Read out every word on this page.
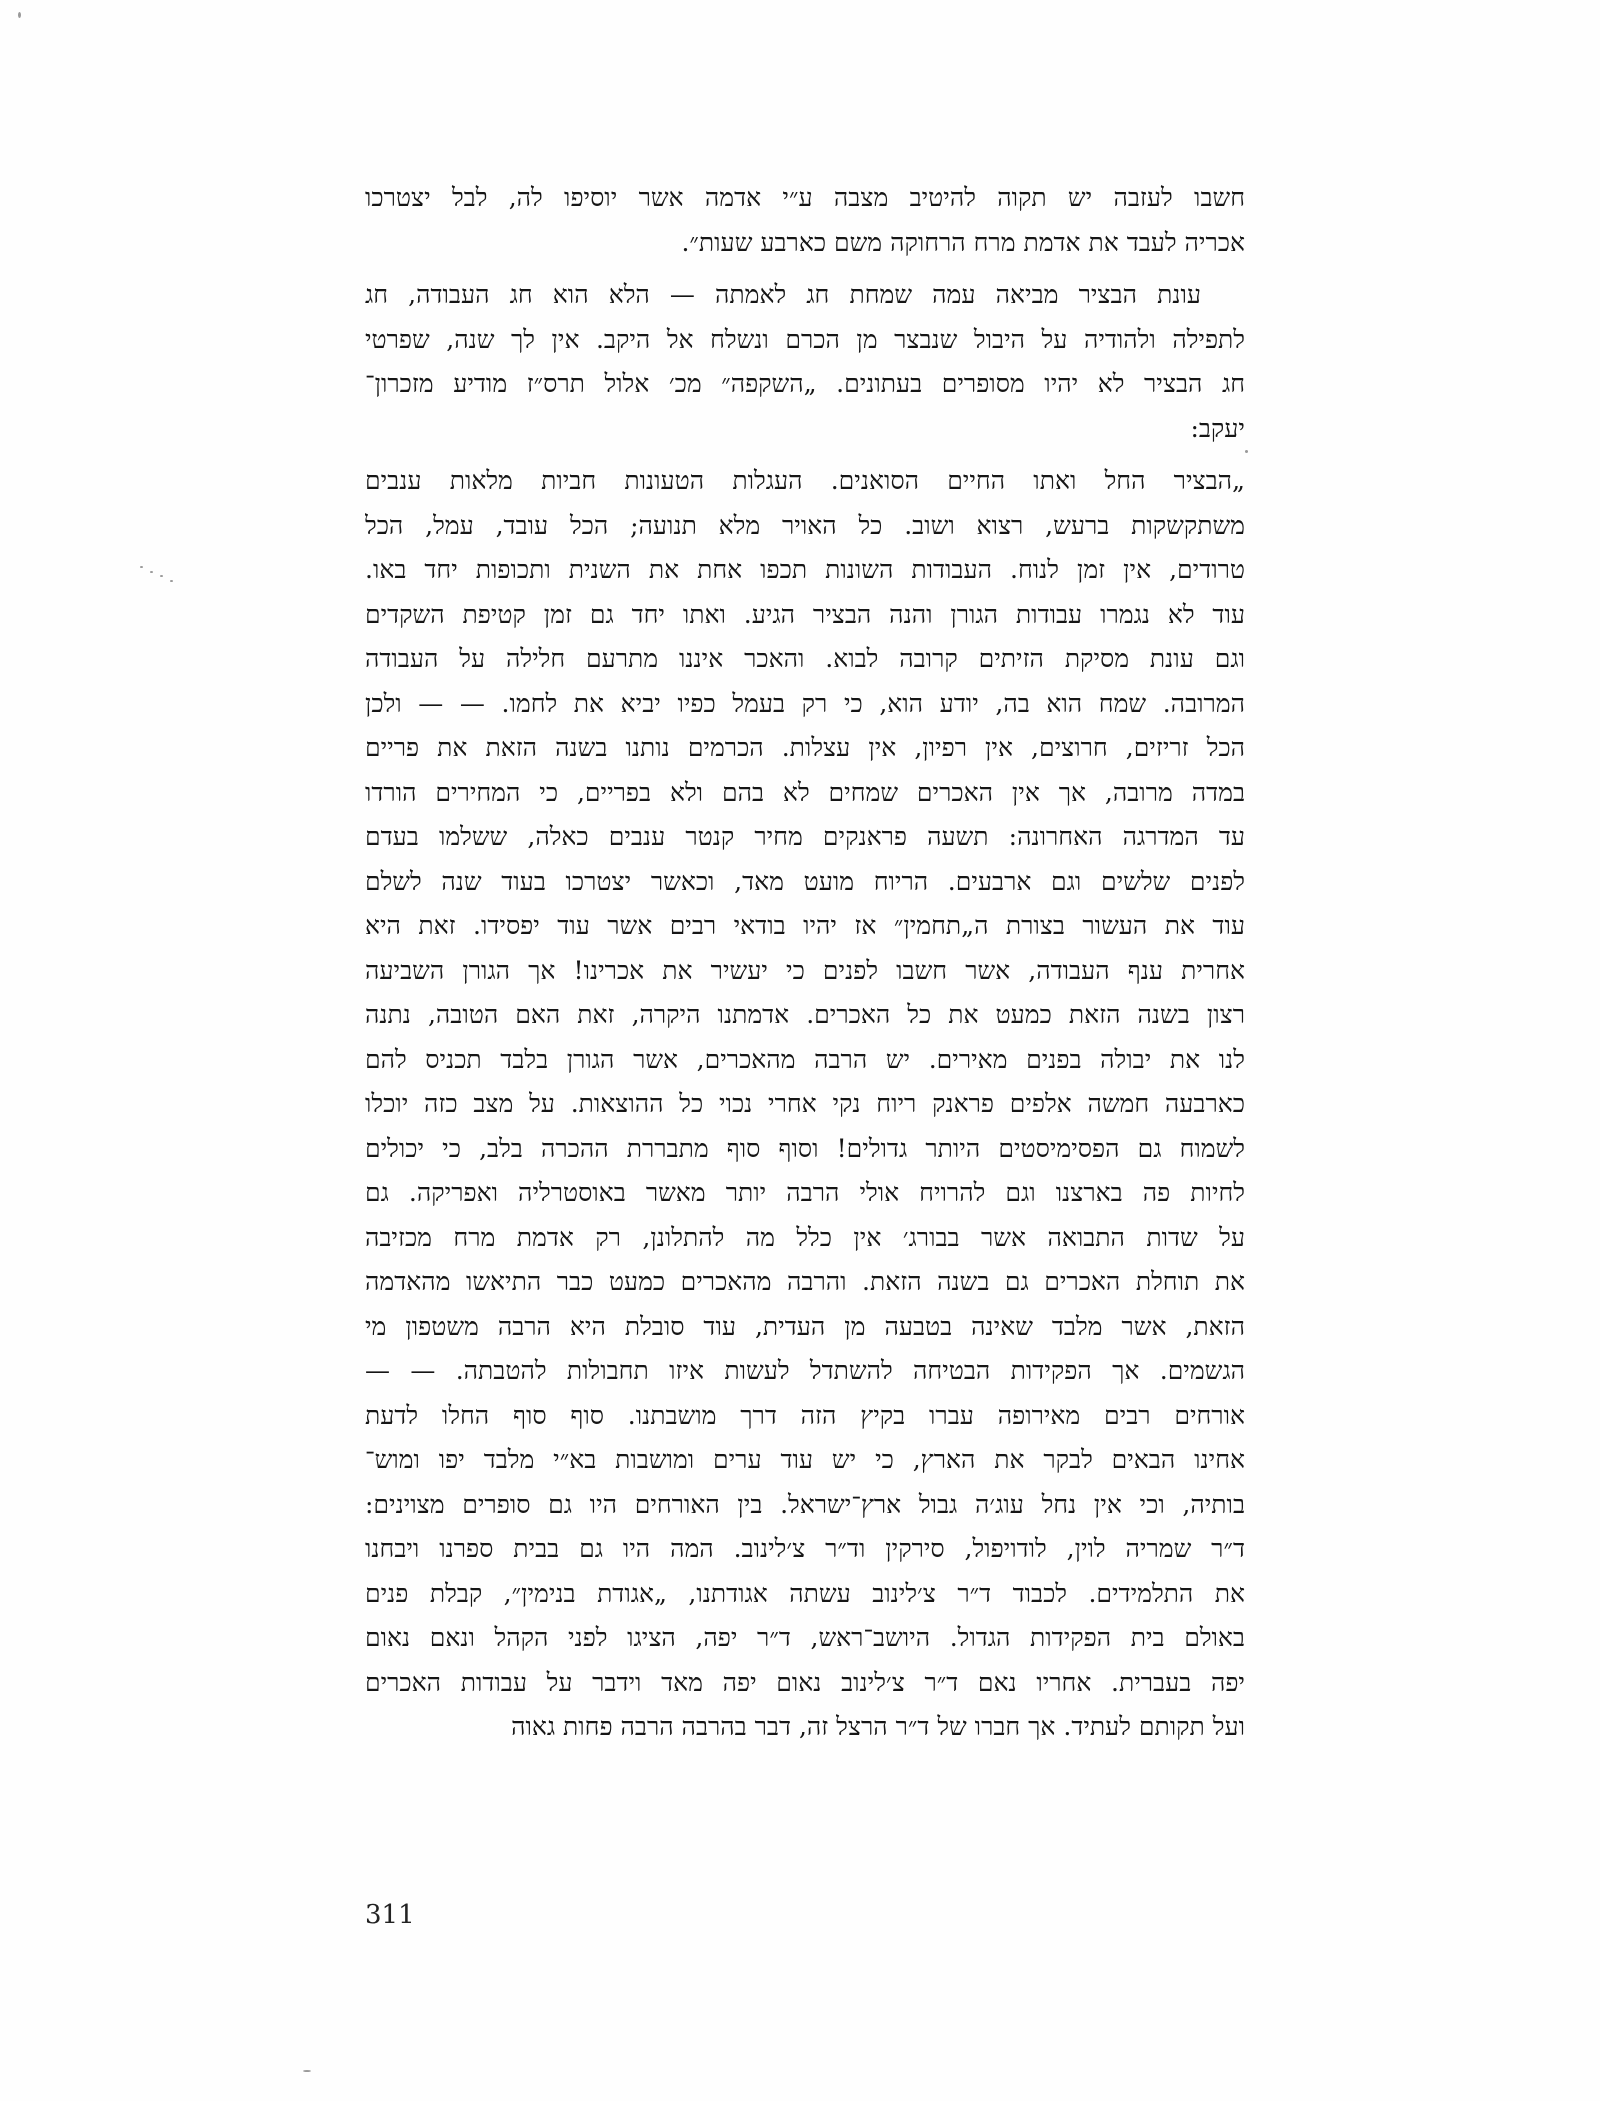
חשבו לעזבה יש תקוה להיטיב מצבה ע״י אדמה אשר יוסיפו לה, לבל יצטרכו
אכריה לעבד את אדמת מרח הרחוקה משם כארבע שעות״.
עונת הבציר מביאה עמה שמחת חג לאמתה — הלא הוא חג העבודה, חג
לתפילה ולהודיה על היבול שנבצר מן הכרם ונשלח אל היקב. אין לך שנה, שפרטי
חג הבציר לא יהיו מסופרים בעתונים. „השקפה״ מכ׳ אלול תרס״ז מודיע מזכרון־
יעקב:
„הבציר החל ואתו החיים הסואנים. העגלות הטעונות חביות מלאות ענבים
משתקשקות ברעש, רצוא ושוב. כל האויר מלא תנועה; הכל עובד, עמל, הכל
טרודים, אין זמן לנוח. העבודות השונות תכפו אחת את השנית ותכופות יחד באו.
עוד לא נגמרו עבודות הגורן והנה הבציר הגיע. ואתו יחד גם זמן קטיפת השקדים
וגם עונת מסיקת הזיתים קרובה לבוא. והאכר איננו מתרעם חלילה על העבודה
המרובה. שמח הוא בה, יודע הוא, כי רק בעמל כפיו יביא את לחמו. — — ולכן
הכל זריזים, חרוצים, אין רפיון, אין עצלות. הכרמים נותנו בשנה הזאת את פריים
במדה מרובה, אך אין האכרים שמחים לא בהם ולא בפריים, כי המחירים הורדו
עד המדרגה האחרונה: תשעה פראנקים מחיר קנטר ענבים כאלה, ששלמו בעדם
לפנים שלשים וגם ארבעים. הריוח מועט מאד, וכאשר יצטרכו בעוד שנה לשלם
עוד את העשור בצורת ה„תחמין״ אז יהיו בודאי רבים אשר עוד יפסידו. זאת היא
אחרית ענף העבודה, אשר חשבו לפנים כי יעשיר את אכרינו! אך הגורן השביעה
רצון בשנה הזאת כמעט את כל האכרים. אדמתנו היקרה, זאת האם הטובה, נתנה
לנו את יבולה בפנים מאירים. יש הרבה מהאכרים, אשר הגורן בלבד תכניס להם
כארבעה חמשה אלפים פראנק ריוח נקי אחרי נכוי כל ההוצאות. על מצב כזה יוכלו
לשמוח גם הפסימיסטים היותר גדולים! וסוף סוף מתבררת ההכרה בלב, כי יכולים
לחיות פה בארצנו וגם להרויח אולי הרבה יותר מאשר באוסטרליה ואפריקה. גם
על שדות התבואה אשר בבורג׳ אין כלל מה להתלונן, רק אדמת מרח מכזיבה
את תוחלת האכרים גם בשנה הזאת. והרבה מהאכרים כמעט כבר התיאשו מהאדמה
הזאת, אשר מלבד שאינה בטבעה מן העדית, עוד סובלת היא הרבה משטפון מי
הגשמים. אך הפקידות הבטיחה להשתדל לעשות איזו תחבולות להטבתה. — —
אורחים רבים מאירופה עברו בקיץ הזה דרך מושבתנו. סוף סוף החלו לדעת
אחינו הבאים לבקר את הארץ, כי יש עוד ערים ומושבות בא״י מלבד יפו ומוש־
בותיה, וכי אין נחל עוג׳ה גבול ארץ־ישראל. בין האורחים היו גם סופרים מצוינים:
ד״ר שמריה לוין, לודויפול, סירקין וד״ר צ׳לינוב. המה היו גם בבית ספרנו ויבחנו
את התלמידים. לכבוד ד״ר צ׳לינוב עשתה אגודתנו, „אגודת בנימין״, קבלת פנים
באולם בית הפקידות הגדול. היושב־ראש, ד״ר יפה, הציגו לפני הקהל ונאם נאום
יפה בעברית. אחריו נאם ד״ר צ׳לינוב נאום יפה מאד וידבר על עבודות האכרים
ועל תקותם לעתיד. אך חברו של ד״ר הרצל זה, דבר בהרבה הרבה פחות גאוה
311
